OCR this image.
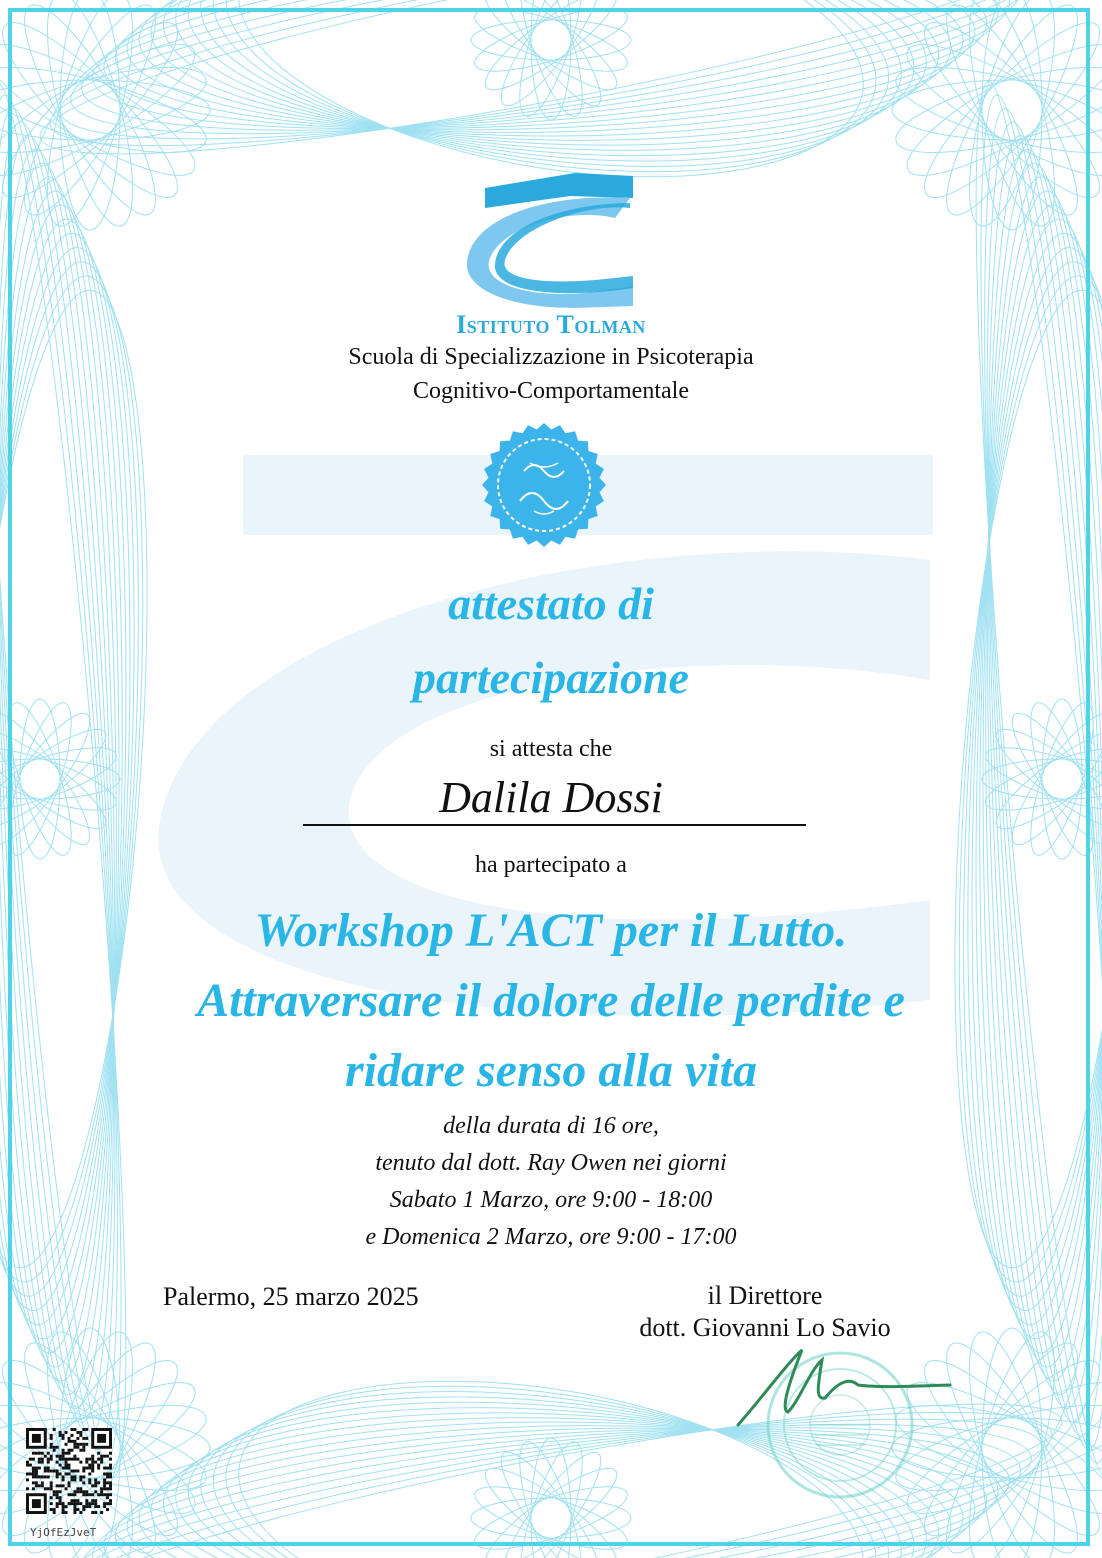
Istituto Tolman
Scuola di Specializzazione in Psicoterapia
Cognitivo-Comportamentale
attestato di
partecipazione
si attesta che
Dalila Dossi
ha partecipato a
Workshop L'ACT per il Lutto.
Attraversare il dolore delle perdite e
ridare senso alla vita
della durata di 16 ore,
tenuto dal dott. Ray Owen nei giorni
Sabato 1 Marzo, ore 9:00 - 18:00
e Domenica 2 Marzo, ore 9:00 - 17:00
Palermo, 25 marzo 2025	il Direttore
dott. Giovanni Lo Savio
YjOfEzJveT
